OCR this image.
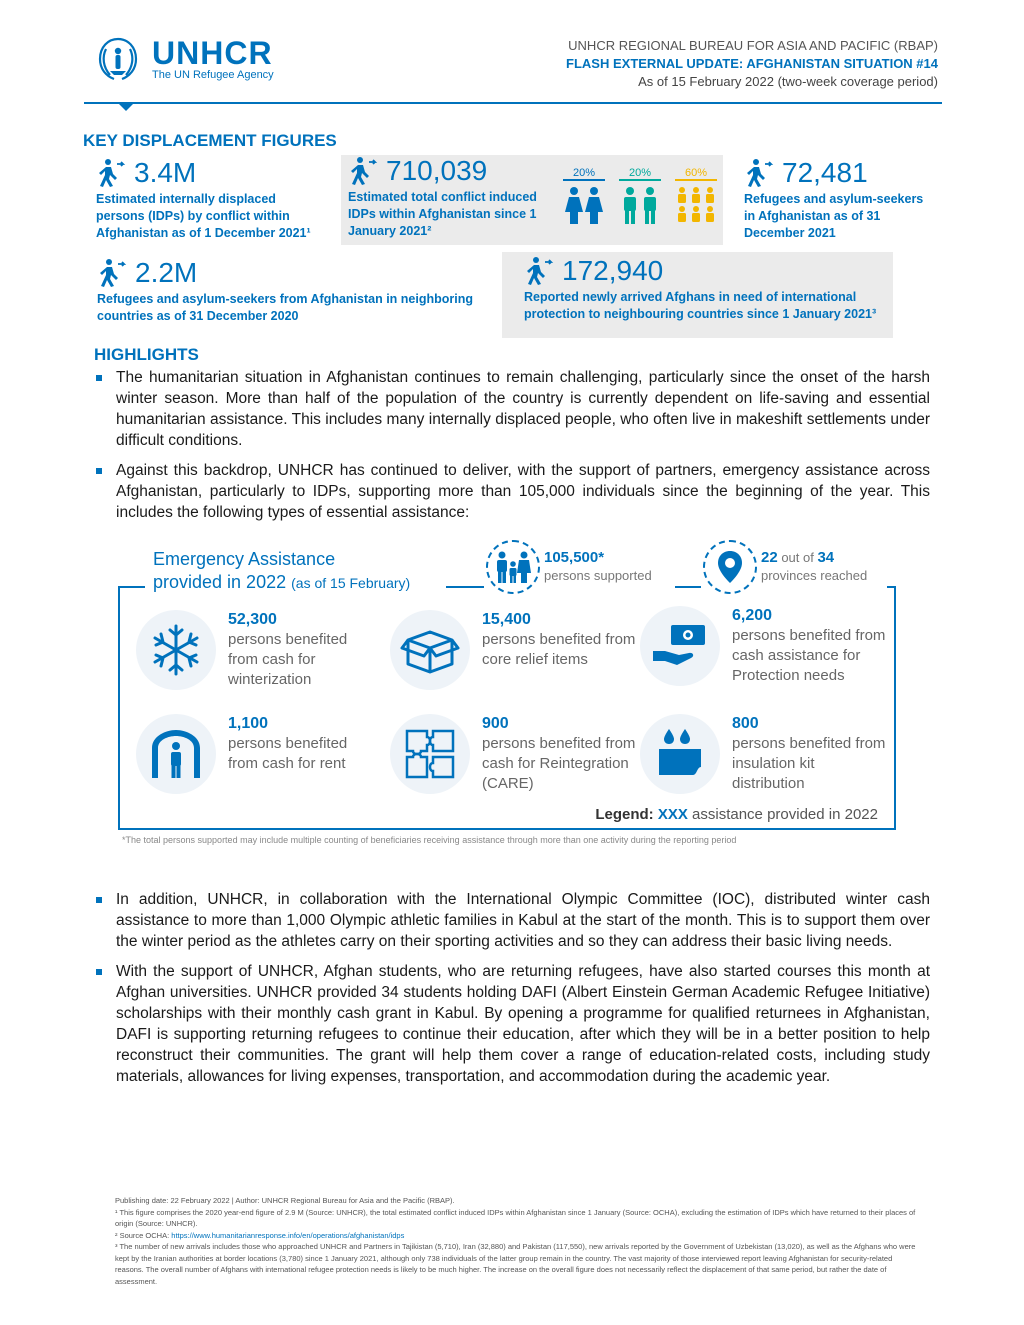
UNHCR
The UN Refugee Agency
UNHCR REGIONAL BUREAU FOR ASIA AND PACIFIC (RBAP)
FLASH EXTERNAL UPDATE: AFGHANISTAN SITUATION #14
As of 15 February 2022 (two-week coverage period)
KEY DISPLACEMENT FIGURES
3.4M
Estimated internally displaced persons (IDPs) by conflict within Afghanistan as of 1 December 2021¹
710,039
Estimated total conflict induced IDPs within Afghanistan since 1 January 2021²
20%	20%	60%	72,481
Refugees and asylum-seekers in Afghanistan as of 31 December 2021
2.2M
Refugees and asylum-seekers from Afghanistan in neighboring countries as of 31 December 2020
172,940
Reported newly arrived Afghans in need of international protection to neighbouring countries since 1 January 2021³
HIGHLIGHTS
The humanitarian situation in Afghanistan continues to remain challenging, particularly since the onset of the harsh winter season. More than half of the population of the country is currently dependent on life-saving and essential humanitarian assistance. This includes many internally displaced people, who often live in makeshift settlements under difficult conditions.
Against this backdrop, UNHCR has continued to deliver, with the support of partners, emergency assistance across Afghanistan, particularly to IDPs, supporting more than 105,000 individuals since the beginning of the year. This includes the following types of essential assistance:
Emergency Assistance
provided in 2022 (as of 15 February)
105,500*
persons supported
22 out of 34
provinces reached
52,300
persons benefited from cash for winterization
15,400
persons benefited from core relief items
6,200
persons benefited from cash assistance for Protection needs
1,100
persons benefited from cash for rent
900
persons benefited from cash for Reintegration (CARE)
800
persons benefited from insulation kit distribution
Legend: XXX assistance provided in 2022
*The total persons supported may include multiple counting of beneficiaries receiving assistance through more than one activity during the reporting period
In addition, UNHCR, in collaboration with the International Olympic Committee (IOC), distributed winter cash assistance to more than 1,000 Olympic athletic families in Kabul at the start of the month. This is to support them over the winter period as the athletes carry on their sporting activities and so they can address their basic living needs.
With the support of UNHCR, Afghan students, who are returning refugees, have also started courses this month at Afghan universities. UNHCR provided 34 students holding DAFI (Albert Einstein German Academic Refugee Initiative) scholarships with their monthly cash grant in Kabul. By opening a programme for qualified returnees in Afghanistan, DAFI is supporting returning refugees to continue their education, after which they will be in a better position to help reconstruct their communities. The grant will help them cover a range of education-related costs, including study materials, allowances for living expenses, transportation, and accommodation during the academic year.
Publishing date: 22 February 2022 | Author: UNHCR Regional Bureau for Asia and the Pacific (RBAP).
¹ This figure comprises the 2020 year-end figure of 2.9 M (Source: UNHCR), the total estimated conflict induced IDPs within Afghanistan since 1 January (Source: OCHA), excluding the estimation of IDPs which have returned to their places of origin (Source: UNHCR).
² Source OCHA: https://www.humanitarianresponse.info/en/operations/afghanistan/idps
³ The number of new arrivals includes those who approached UNHCR and Partners in Tajikistan (5,710), Iran (32,880) and Pakistan (117,550), new arrivals reported by the Government of Uzbekistan (13,020), as well as the Afghans who were kept by the Iranian authorities at border locations (3,780) since 1 January 2021, although only 738 individuals of the latter group remain in the country. The vast majority of those interviewed report leaving Afghanistan for security-related reasons. The overall number of Afghans with international refugee protection needs is likely to be much higher. The increase on the overall figure does not necessarily reflect the displacement of that same period, but rather the date of assessment.
